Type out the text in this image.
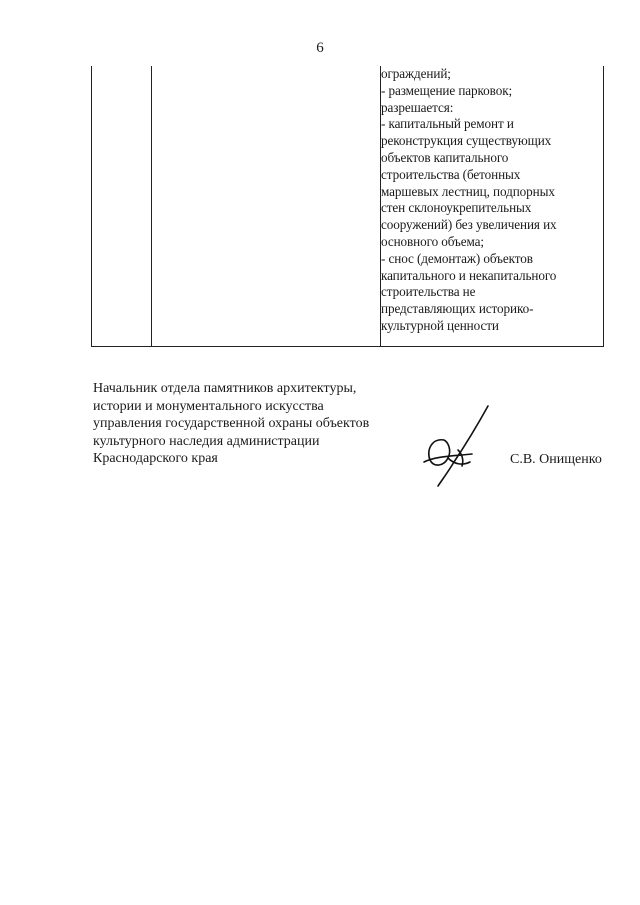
6

ограждений;
- размещение парковок;
разрешается:
- капитальный ремонт и
реконструкция существующих
объектов капитального
строительства (бетонных
маршевых лестниц, подпорных
стен склоноукрепительных
сооружений) без увеличения их
основного объема;
- снос (демонтаж) объектов
капитального и некапитального
строительства не
представляющих историко-
культурной ценности
Начальник отдела памятников архитектуры,
истории и монументального искусства
управления государственной охраны объектов
культурного наследия администрации
Краснодарского края	С.В. Онищенко
